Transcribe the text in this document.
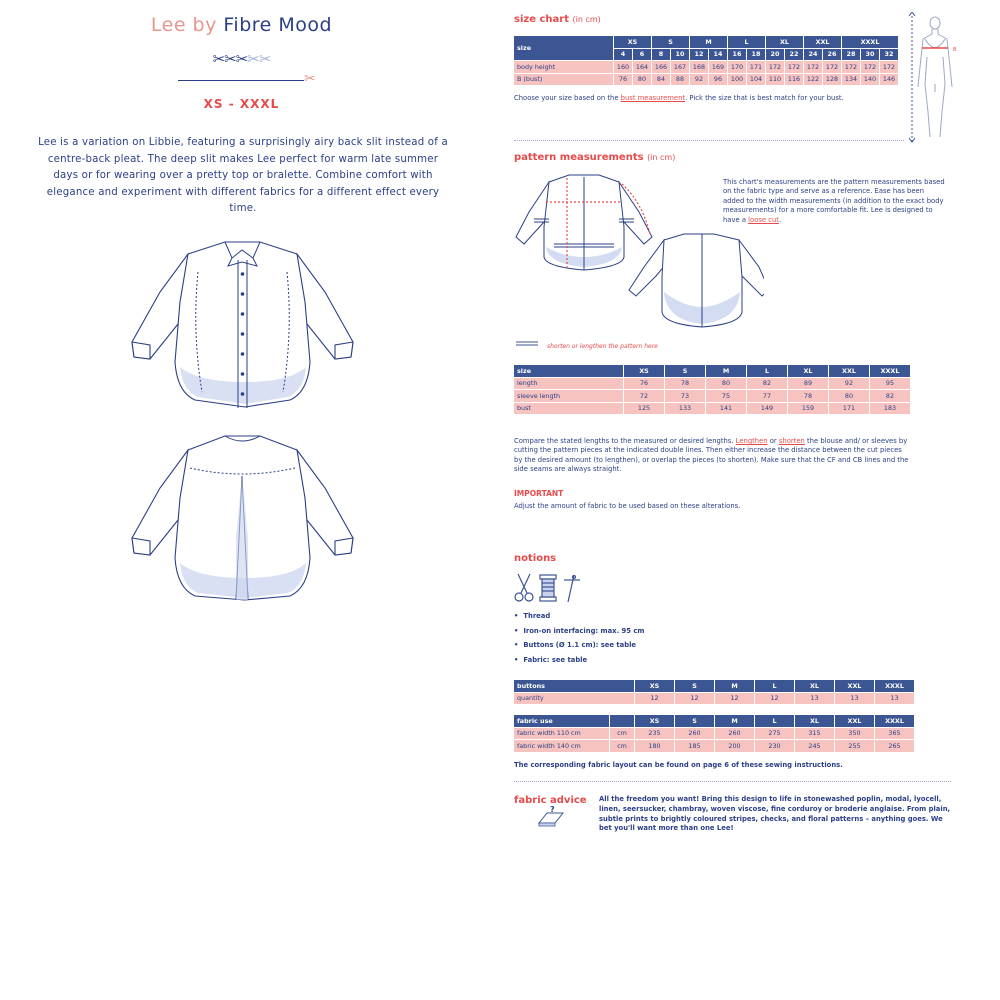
Lee by Fibre Mood
✂✂✂✂✂
✂
XS - XXXL
Lee is a variation on Libbie, featuring a surprisingly airy back slit instead of a centre-back pleat. The deep slit makes Lee perfect for warm late summer days or for wearing over a pretty top or bralette. Combine comfort with elegance and experiment with different fabrics for a different effect every time.
size chart (in cm)
size	XS		S		M		L		XL		XXL		XXXL		
	4	6	8	10	12	14	16	18	20	22	24	26	28	30	32
body height	160	164	166	167	168	169	170	171	172	172	172	172	172	172	172
B (bust)	76	80	84	88	92	96	100	104	110	116	122	128	134	140	146
Choose your size based on the bust measurement. Pick the size that is best match for your bust.
B
pattern measurements (in cm)
This chart's measurements are the pattern measurements based on the fabric type and serve as a reference. Ease has been added to the width measurements (in addition to the exact body measurements) for a more comfortable fit. Lee is designed to have a loose cut.
shorten or lengthen the pattern here
size	XS	S	M	L	XL	XXL	XXXL
length	76	78	80	82	89	92	95
sleeve length	72	73	75	77	78	80	82
bust	125	133	141	149	159	171	183
Compare the stated lengths to the measured or desired lengths. Lengthen or shorten the blouse and/ or sleeves by cutting the pattern pieces at the indicated double lines. Then either increase the distance between the cut pieces by the desired amount (to lengthen), or overlap the pieces (to shorten). Make sure that the CF and CB lines and the side seams are always straight.
IMPORTANT
Adjust the amount of fabric to be used based on these alterations.
notions
• Thread
• Iron-on interfacing: max. 95 cm
• Buttons (Ø 1.1 cm): see table
• Fabric: see table
buttons	XS	S	M	L	XL	XXL	XXXL
quantity	12	12	12	12	13	13	13
fabric use		XS	S	M	L	XL	XXL	XXXL
fabric width 110 cm	cm	235	260	260	275	315	350	365
fabric width 140 cm	cm	180	185	200	230	245	255	265
The corresponding fabric layout can be found on page 6 of these sewing instructions.
fabric advice
?
All the freedom you want! Bring this design to life in stonewashed poplin, modal, lyocell, linen, seersucker, chambray, woven viscose, fine corduroy or broderie anglaise. From plain, subtle prints to brightly coloured stripes, checks, and floral patterns – anything goes. We bet you'll want more than one Lee!
